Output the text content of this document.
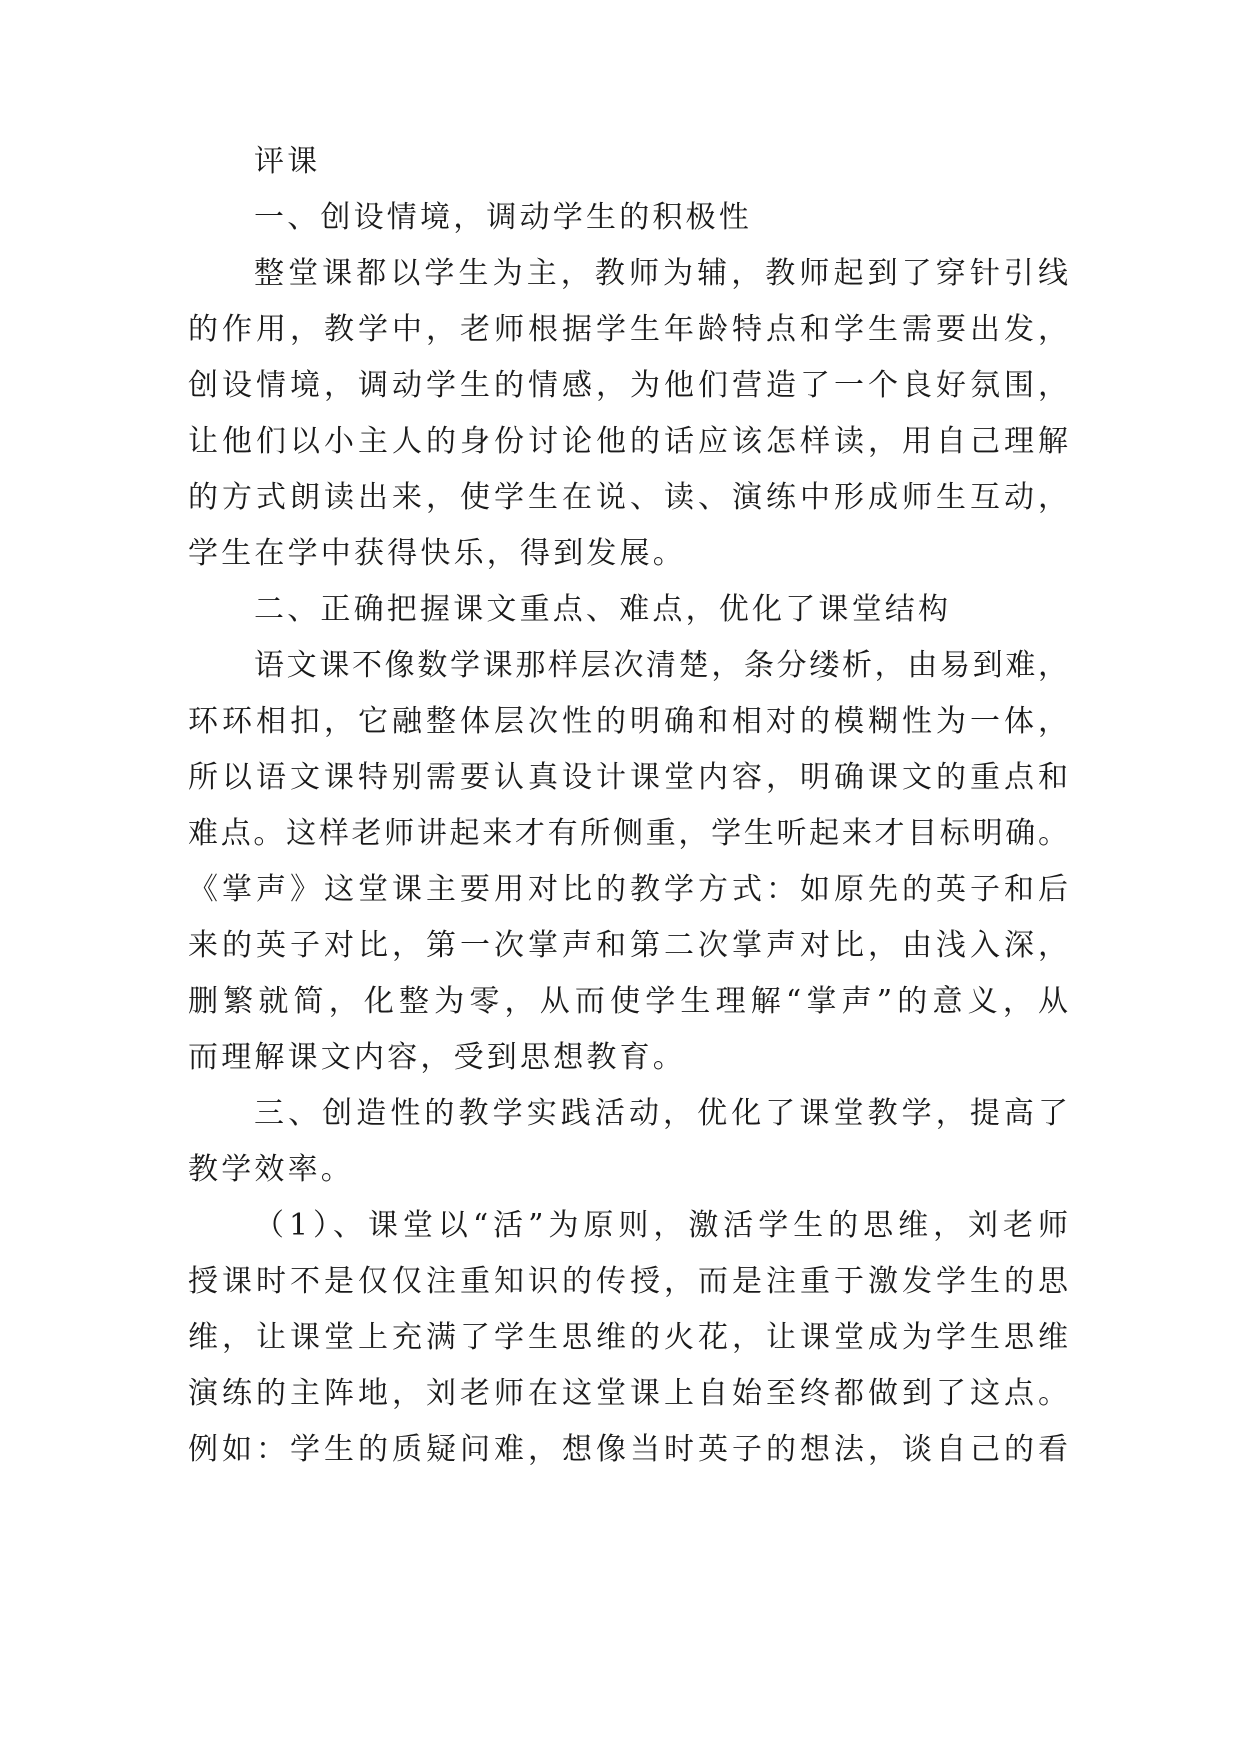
评课
一、创设情境，调动学生的积极性
整堂课都以学生为主，教师为辅，教师起到了穿针引线
的作用，教学中，老师根据学生年龄特点和学生需要出发，
创设情境，调动学生的情感，为他们营造了一个良好氛围，
让他们以小主人的身份讨论他的话应该怎样读，用自己理解
的方式朗读出来，使学生在说、读、演练中形成师生互动，
学生在学中获得快乐，得到发展。
二、正确把握课文重点、难点，优化了课堂结构
语文课不像数学课那样层次清楚，条分缕析，由易到难，
环环相扣，它融整体层次性的明确和相对的模糊性为一体，
所以语文课特别需要认真设计课堂内容，明确课文的重点和
难点。这样老师讲起来才有所侧重，学生听起来才目标明确。
《掌声》这堂课主要用对比的教学方式：如原先的英子和后
来的英子对比，第一次掌声和第二次掌声对比，由浅入深，
删繁就简，化整为零，从而使学生理解“掌声”的意义，从
而理解课文内容，受到思想教育。
三、创造性的教学实践活动，优化了课堂教学，提高了
教学效率。
（1）、课堂以“活”为原则，激活学生的思维，刘老师
授课时不是仅仅注重知识的传授，而是注重于激发学生的思
维，让课堂上充满了学生思维的火花，让课堂成为学生思维
演练的主阵地，刘老师在这堂课上自始至终都做到了这点。
例如：学生的质疑问难，想像当时英子的想法，谈自己的看
